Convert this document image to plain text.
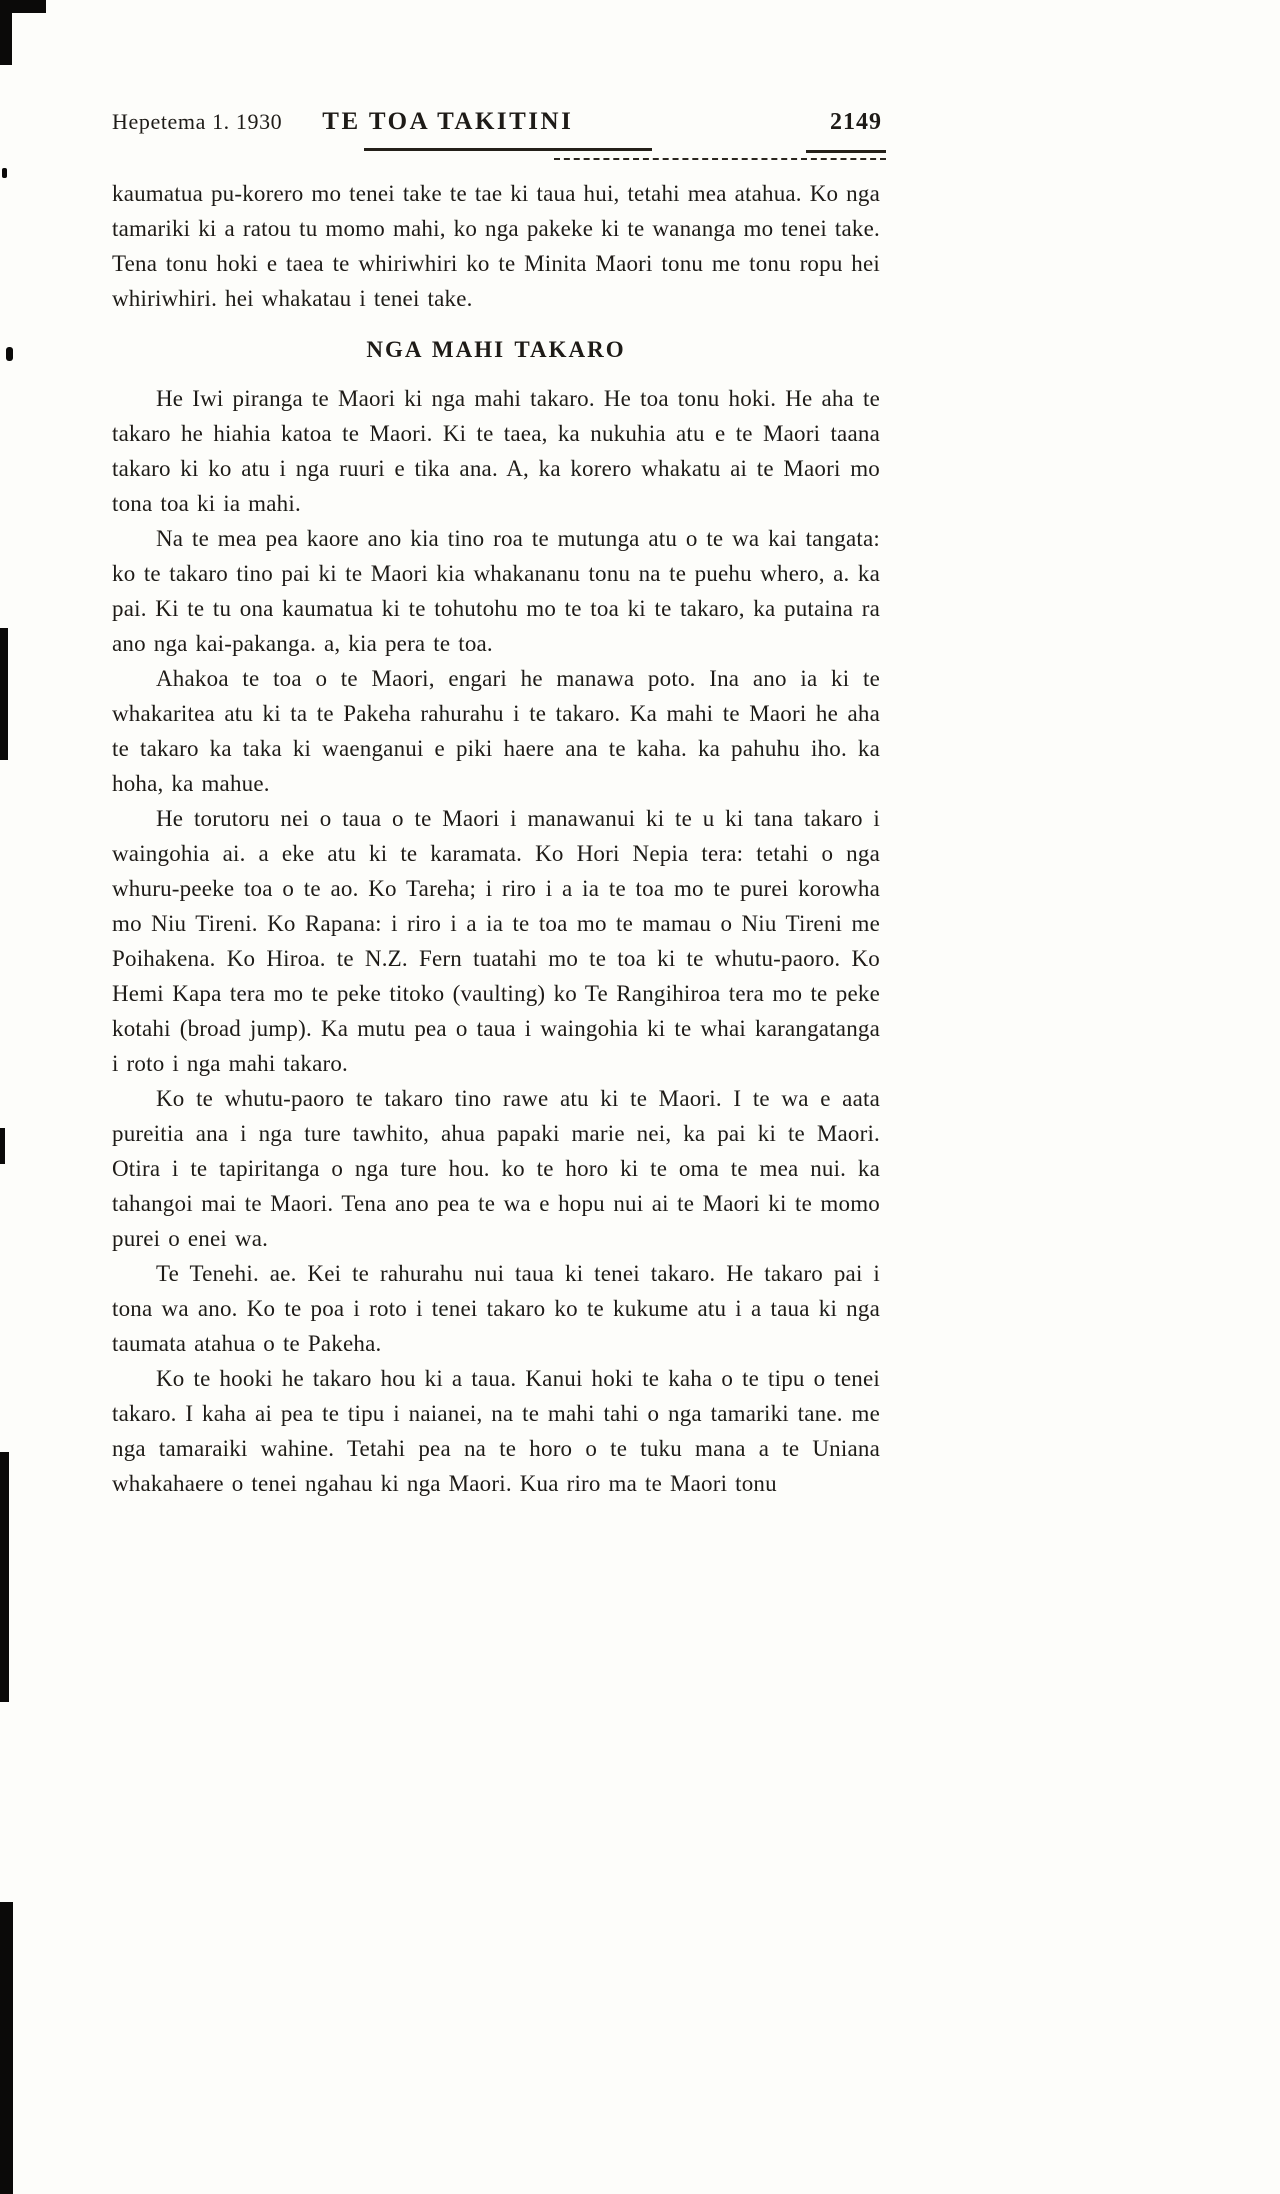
Hepetema 1. 1930 TE TOA TAKITINI	2149

kaumatua pu-korero mo tenei take te tae ki taua hui, tetahi mea atahua. Ko nga tamariki ki a ratou tu momo mahi, ko nga pakeke ki te wananga mo tenei take. Tena tonu hoki e taea te whiriwhiri ko te Minita Maori tonu me tonu ropu hei whiriwhiri. hei whakatau i tenei take.

NGA MAHI TAKARO

He Iwi piranga te Maori ki nga mahi takaro. He toa tonu hoki. He aha te takaro he hiahia katoa te Maori. Ki te taea, ka nukuhia atu e te Maori taana takaro ki ko atu i nga ruuri e tika ana. A, ka korero whakatu ai te Maori mo tona toa ki ia mahi.

Na te mea pea kaore ano kia tino roa te mutunga atu o te wa kai tangata: ko te takaro tino pai ki te Maori kia whakananu tonu na te puehu whero, a. ka pai. Ki te tu ona kaumatua ki te tohutohu mo te toa ki te takaro, ka putaina ra ano nga kai-pakanga. a, kia pera te toa.

Ahakoa te toa o te Maori, engari he manawa poto. Ina ano ia ki te whakaritea atu ki ta te Pakeha rahurahu i te takaro. Ka mahi te Maori he aha te takaro ka taka ki waenganui e piki haere ana te kaha. ka pahuhu iho. ka hoha, ka mahue.

He torutoru nei o taua o te Maori i manawanui ki te u ki tana takaro i waingohia ai. a eke atu ki te karamata. Ko Hori Nepia tera: tetahi o nga whuru-peeke toa o te ao. Ko Tareha; i riro i a ia te toa mo te purei korowha mo Niu Tireni. Ko Rapana: i riro i a ia te toa mo te mamau o Niu Tireni me Poihakena. Ko Hiroa. te N.Z. Fern tuatahi mo te toa ki te whutu-paoro. Ko Hemi Kapa tera mo te peke titoko (vaulting) ko Te Rangihiroa tera mo te peke kotahi (broad jump). Ka mutu pea o taua i waingohia ki te whai karangatanga i roto i nga mahi takaro.

Ko te whutu-paoro te takaro tino rawe atu ki te Maori. I te wa e aata pureitia ana i nga ture tawhito, ahua papaki marie nei, ka pai ki te Maori. Otira i te tapiritanga o nga ture hou. ko te horo ki te oma te mea nui. ka tahangoi mai te Maori. Tena ano pea te wa e hopu nui ai te Maori ki te momo purei o enei wa.

Te Tenehi. ae. Kei te rahurahu nui taua ki tenei takaro. He takaro pai i tona wa ano. Ko te poa i roto i tenei takaro ko te kukume atu i a taua ki nga taumata atahua o te Pakeha.

Ko te hooki he takaro hou ki a taua. Kanui hoki te kaha o te tipu o tenei takaro. I kaha ai pea te tipu i naianei, na te mahi tahi o nga tamariki tane. me nga tamaraiki wahine. Tetahi pea na te horo o te tuku mana a te Uniana whakahaere o tenei ngahau ki nga Maori. Kua riro ma te Maori tonu
